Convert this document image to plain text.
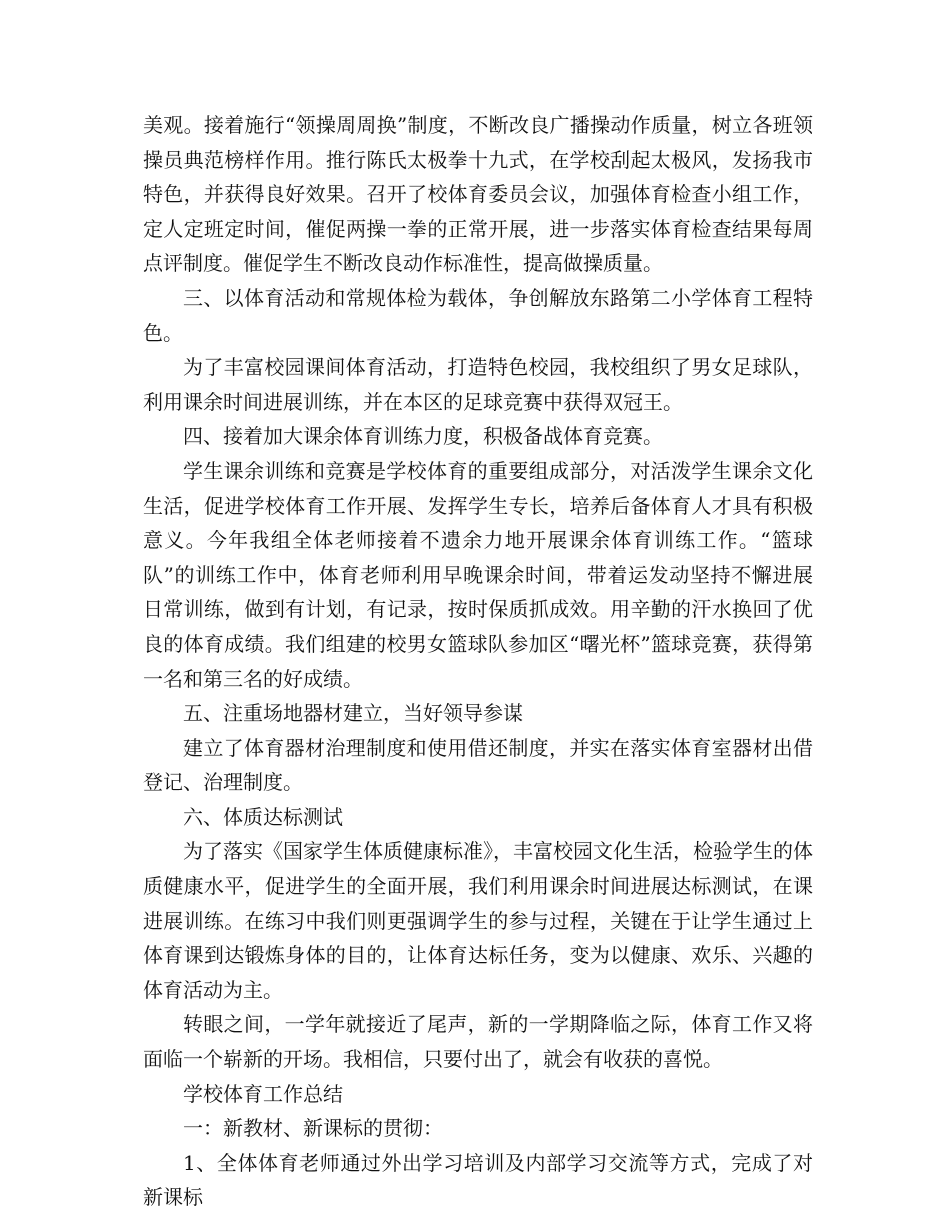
美观。接着施行“领操周周换”制度，不断改良广播操动作质量，树立各班领操员典范榜样作用。推行陈氏太极拳十九式，在学校刮起太极风，发扬我市特色，并获得良好效果。召开了校体育委员会议，加强体育检查小组工作，定人定班定时间，催促两操一拳的正常开展，进一步落实体育检查结果每周点评制度。催促学生不断改良动作标准性，提高做操质量。

三、以体育活动和常规体检为载体，争创解放东路第二小学体育工程特色。

为了丰富校园课间体育活动，打造特色校园，我校组织了男女足球队，利用课余时间进展训练，并在本区的足球竞赛中获得双冠王。

四、接着加大课余体育训练力度，积极备战体育竞赛。

学生课余训练和竞赛是学校体育的重要组成部分，对活泼学生课余文化生活，促进学校体育工作开展、发挥学生专长，培养后备体育人才具有积极意义。今年我组全体老师接着不遗余力地开展课余体育训练工作。“篮球队”的训练工作中，体育老师利用早晚课余时间，带着运发动坚持不懈进展日常训练，做到有计划，有记录，按时保质抓成效。用辛勤的汗水换回了优良的体育成绩。我们组建的校男女篮球队参加区“曙光杯”篮球竞赛，获得第一名和第三名的好成绩。

五、注重场地器材建立，当好领导参谋

建立了体育器材治理制度和使用借还制度，并实在落实体育室器材出借登记、治理制度。

六、体质达标测试

为了落实《国家学生体质健康标准》，丰富校园文化生活，检验学生的体质健康水平，促进学生的全面开展，我们利用课余时间进展达标测试，在课进展训练。在练习中我们则更强调学生的参与过程，关键在于让学生通过上体育课到达锻炼身体的目的，让体育达标任务，变为以健康、欢乐、兴趣的体育活动为主。

转眼之间，一学年就接近了尾声，新的一学期降临之际，体育工作又将面临一个崭新的开场。我相信，只要付出了，就会有收获的喜悦。

学校体育工作总结

一：新教材、新课标的贯彻：

1、全体体育老师通过外出学习培训及内部学习交流等方式，完成了对新课标
